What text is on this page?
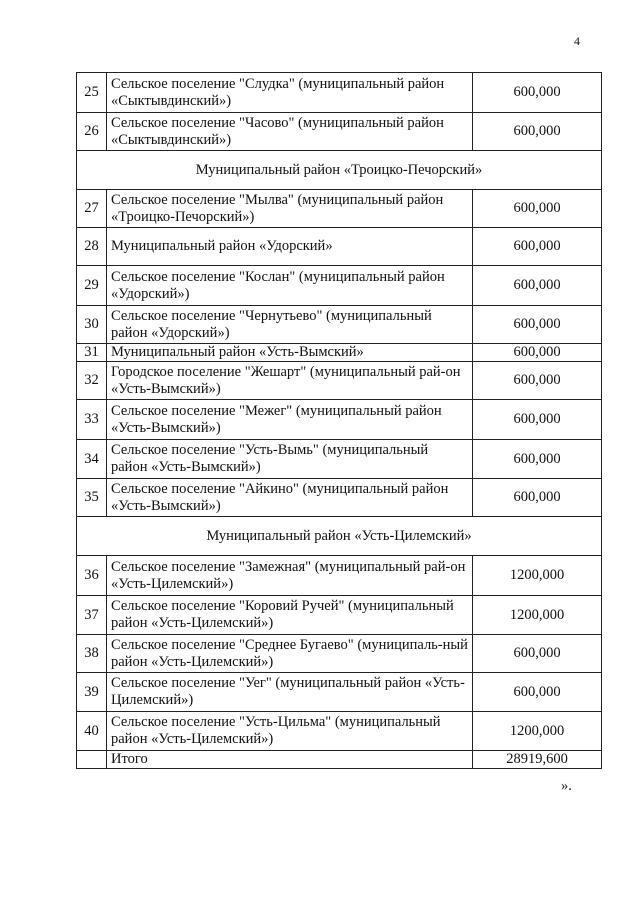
4
25	Сельское поселение "Слудка" (муниципальный район «Сыктывдинский»)	600,000
26	Сельское поселение "Часово" (муниципальный район «Сыктывдинский»)	600,000
Муниципальный район «Троицко-Печорский»		
27	Сельское поселение "Мылва" (муниципальный район «Троицко-Печорский»)	600,000
28	Муниципальный район «Удорский»	600,000
29	Сельское поселение "Кослан" (муниципальный район «Удорский»)	600,000
30	Сельское поселение "Чернутьево" (муниципальный район «Удорский»)	600,000
31	Муниципальный район «Усть-Вымский»	600,000
32	Городское поселение "Жешарт" (муниципальный рай-он «Усть-Вымский»)	600,000
33	Сельское поселение "Межег" (муниципальный район «Усть-Вымский»)	600,000
34	Сельское поселение "Усть-Вымь" (муниципальный район «Усть-Вымский»)	600,000
35	Сельское поселение "Айкино" (муниципальный район «Усть-Вымский»)	600,000
Муниципальный район «Усть-Цилемский»		
36	Сельское поселение "Замежная" (муниципальный рай-он «Усть-Цилемский»)	1200,000
37	Сельское поселение "Коровий Ручей" (муниципальный район «Усть-Цилемский»)	1200,000
38	Сельское поселение "Среднее Бугаево" (муниципаль-ный район «Усть-Цилемский»)	600,000
39	Сельское поселение "Уег" (муниципальный район «Усть-Цилемский»)	600,000
40	Сельское поселение "Усть-Цильма" (муниципальный район «Усть-Цилемский»)	1200,000
	Итого	28919,600
».
